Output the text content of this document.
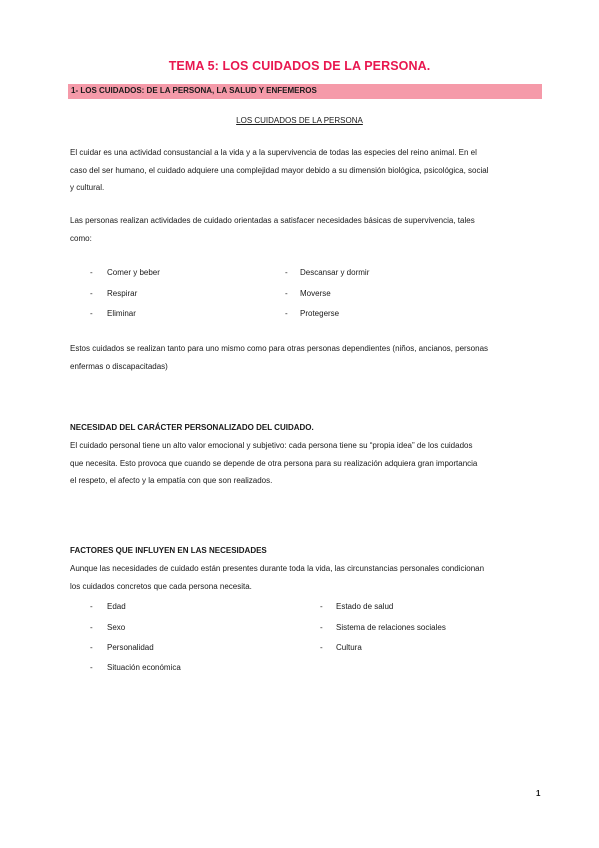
TEMA 5: LOS CUIDADOS DE LA PERSONA.
1- LOS CUIDADOS: DE LA PERSONA, LA SALUD Y ENFEMEROS
LOS CUIDADOS DE LA PERSONA
El cuidar es una actividad consustancial a la vida y a la supervivencia de todas las especies del reino animal. En el
caso del ser humano, el cuidado adquiere una complejidad mayor debido a su dimensión biológica, psicológica, social
y cultural.
Las personas realizan actividades de cuidado orientadas a satisfacer necesidades básicas de supervivencia, tales
como:
- Comer y beber
- Respirar
- Eliminar
- Descansar y dormir
- Moverse
- Protegerse
Estos cuidados se realizan tanto para uno mismo como para otras personas dependientes (niños, ancianos, personas
enfermas o discapacitadas)
NECESIDAD DEL CARÁCTER PERSONALIZADO DEL CUIDADO.
El cuidado personal tiene un alto valor emocional y subjetivo: cada persona tiene su “propia idea” de los cuidados
que necesita. Esto provoca que cuando se depende de otra persona para su realización adquiera gran importancia
el respeto, el afecto y la empatía con que son realizados.
FACTORES QUE INFLUYEN EN LAS NECESIDADES
Aunque las necesidades de cuidado están presentes durante toda la vida, las circunstancias personales condicionan
los cuidados concretos que cada persona necesita.
- Edad
- Sexo
- Personalidad
- Situación económica
- Estado de salud
- Sistema de relaciones sociales
- Cultura
1
